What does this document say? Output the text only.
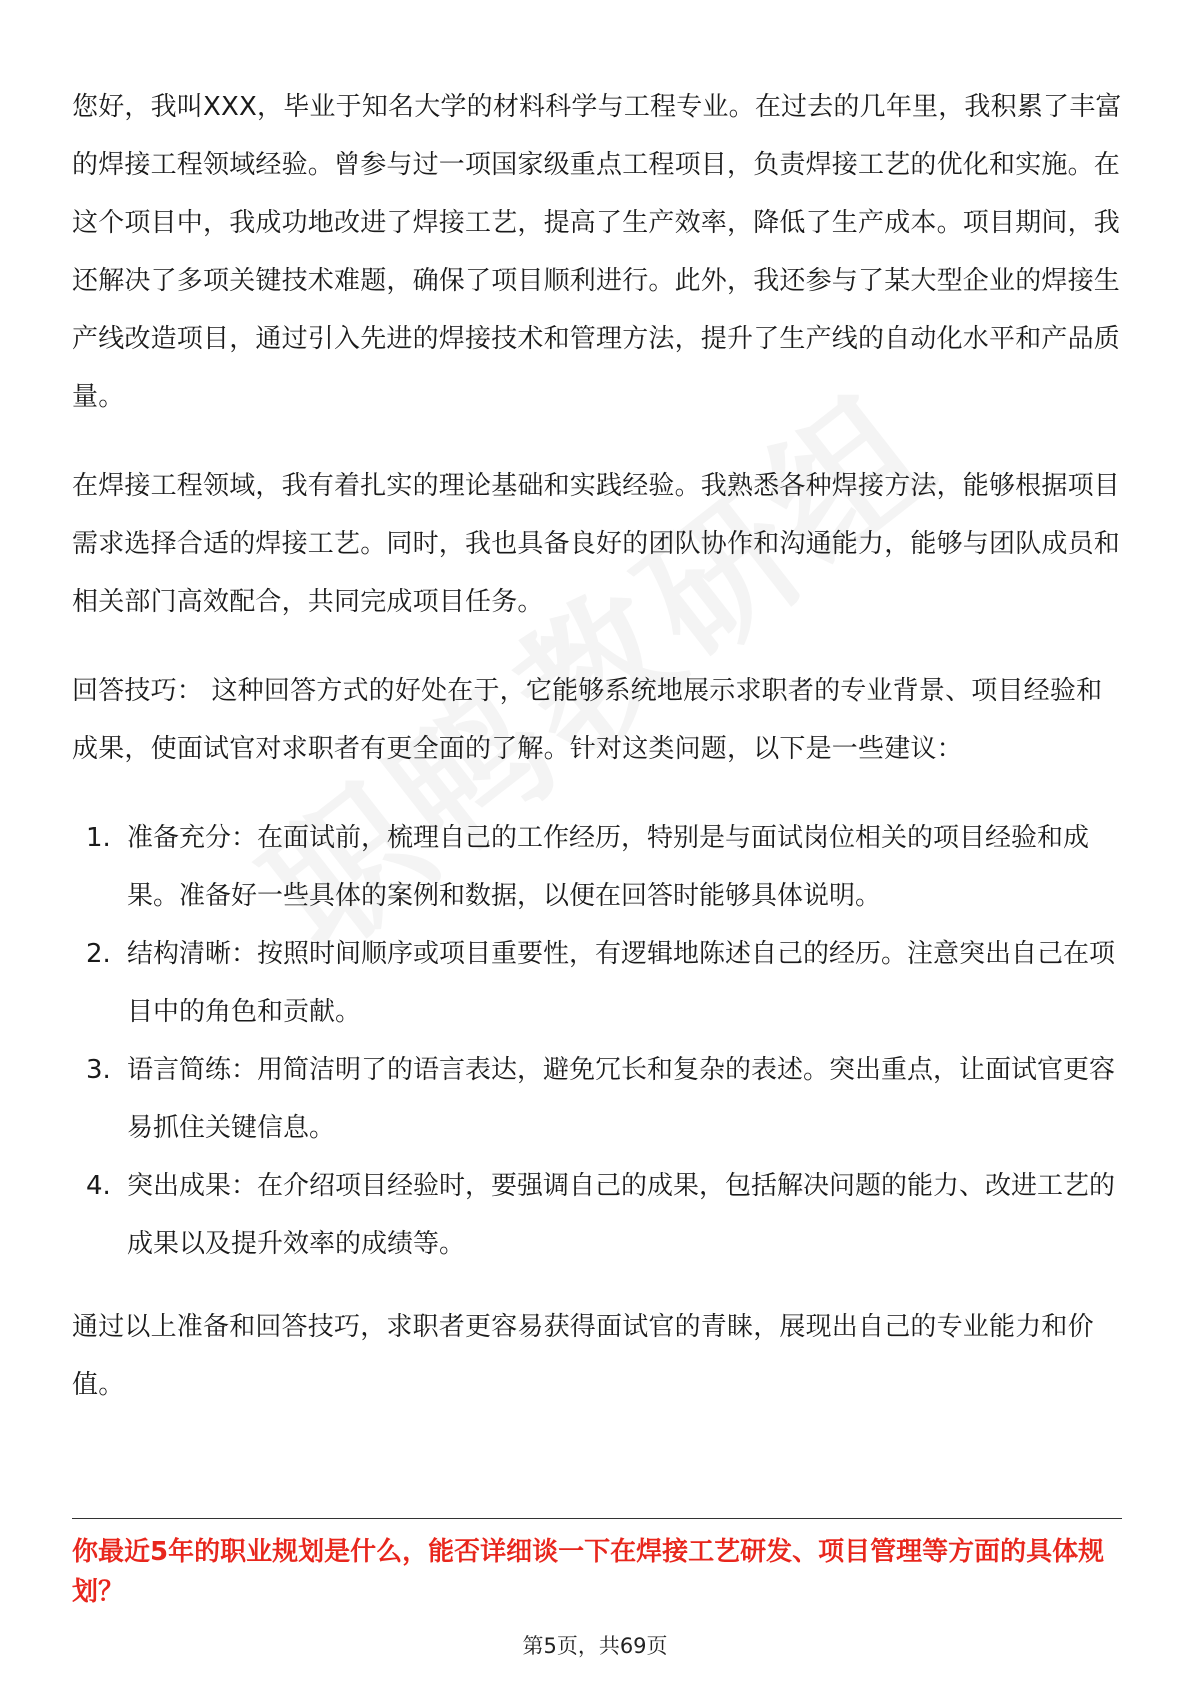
您好，我叫XXX，毕业于知名大学的材料科学与工程专业。在过去的几年里，我积累了丰富的焊接工程领域经验。曾参与过一项国家级重点工程项目，负责焊接工艺的优化和实施。在这个项目中，我成功地改进了焊接工艺，提高了生产效率，降低了生产成本。项目期间，我还解决了多项关键技术难题，确保了项目顺利进行。此外，我还参与了某大型企业的焊接生产线改造项目，通过引入先进的焊接技术和管理方法，提升了生产线的自动化水平和产品质量。

在焊接工程领域，我有着扎实的理论基础和实践经验。我熟悉各种焊接方法，能够根据项目需求选择合适的焊接工艺。同时，我也具备良好的团队协作和沟通能力，能够与团队成员和相关部门高效配合，共同完成项目任务。

回答技巧： 这种回答方式的好处在于，它能够系统地展示求职者的专业背景、项目经验和成果，使面试官对求职者有更全面的了解。针对这类问题，以下是一些建议：

1. 准备充分：在面试前，梳理自己的工作经历，特别是与面试岗位相关的项目经验和成果。准备好一些具体的案例和数据，以便在回答时能够具体说明。
2. 结构清晰：按照时间顺序或项目重要性，有逻辑地陈述自己的经历。注意突出自己在项目中的角色和贡献。
3. 语言简练：用简洁明了的语言表达，避免冗长和复杂的表述。突出重点，让面试官更容易抓住关键信息。
4. 突出成果：在介绍项目经验时，要强调自己的成果，包括解决问题的能力、改进工艺的成果以及提升效率的成绩等。

通过以上准备和回答技巧，求职者更容易获得面试官的青睐，展现出自己的专业能力和价值。

你最近5年的职业规划是什么，能否详细谈一下在焊接工艺研发、项目管理等方面的具体规划？

第5页，共69页
